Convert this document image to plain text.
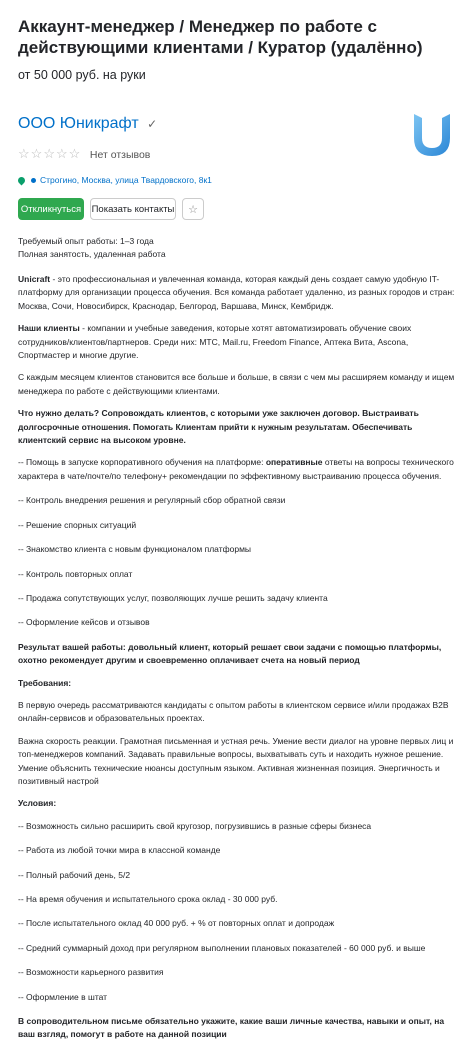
Аккаунт-менеджер / Менеджер по работе с действующими клиентами / Куратор (удалённо)
от 50 000 руб. на руки
ООО Юникрафт ✓
☆☆☆☆☆ Нет отзывов
Строгино, Москва, улица Твардовского, 8к1
Откликнуться	Показать контакты ☆
Требуемый опыт работы: 1–3 года
Полная занятость, удаленная работа

Unicraft - это профессиональная и увлеченная команда, которая каждый день создает самую удобную IT-платформу для организации процесса обучения. Вся команда работает удаленно, из разных городов и стран: Москва, Сочи, Новосибирск, Краснодар, Белгород, Варшава, Минск, Кембридж.

Наши клиенты - компании и учебные заведения, которые хотят автоматизировать обучение своих сотрудников/клиентов/партнеров. Среди них: МТС, Mail.ru, Freedom Finance, Аптека Вита, Ascona, Спортмастер и многие другие.

С каждым месяцем клиентов становится все больше и больше, в связи с чем мы расширяем команду и ищем менеджера по работе с действующими клиентами.

Что нужно делать? Сопровождать клиентов, с которыми уже заключен договор. Выстраивать долгосрочные отношения. Помогать Клиентам прийти к нужным результатам. Обеспечивать клиентский сервис на высоком уровне.

-- Помощь в запуске корпоративного обучения на платформе: оперативные ответы на вопросы технического характера в чате/почте/по телефону+ рекомендации по эффективному выстраиванию процесса обучения.

-- Контроль внедрения решения и регулярный сбор обратной связи

-- Решение спорных ситуаций

-- Знакомство клиента с новым функционалом платформы

-- Контроль повторных оплат

-- Продажа сопутствующих услуг, позволяющих лучше решить задачу клиента

-- Оформление кейсов и отзывов

Результат вашей работы: довольный клиент, который решает свои задачи с помощью платформы, охотно рекомендует другим и своевременно оплачивает счета на новый период

Требования:

В первую очередь рассматриваются кандидаты с опытом работы в клиентском сервисе и/или продажах B2B онлайн-сервисов и образовательных проектах.

Важна скорость реакции. Грамотная письменная и устная речь. Умение вести диалог на уровне первых лиц и топ-менеджеров компаний. Задавать правильные вопросы, выхватывать суть и находить нужное решение. Умение объяснить технические нюансы доступным языком. Активная жизненная позиция. Энергичность и позитивный настрой

Условия:

-- Возможность сильно расширить свой кругозор, погрузившись в разные сферы бизнеса

-- Работа из любой точки мира в классной команде

-- Полный рабочий день, 5/2

-- На время обучения и испытательного срока оклад - 30 000 руб.

-- После испытательного оклад 40 000 руб. + % от повторных оплат и допродаж

-- Средний суммарный доход при регулярном выполнении плановых показателей - 60 000 руб. и выше

-- Возможности карьерного развития

-- Оформление в штат

В сопроводительном письме обязательно укажите, какие ваши личные качества, навыки и опыт, на ваш взгляд, помогут в работе на данной позиции
